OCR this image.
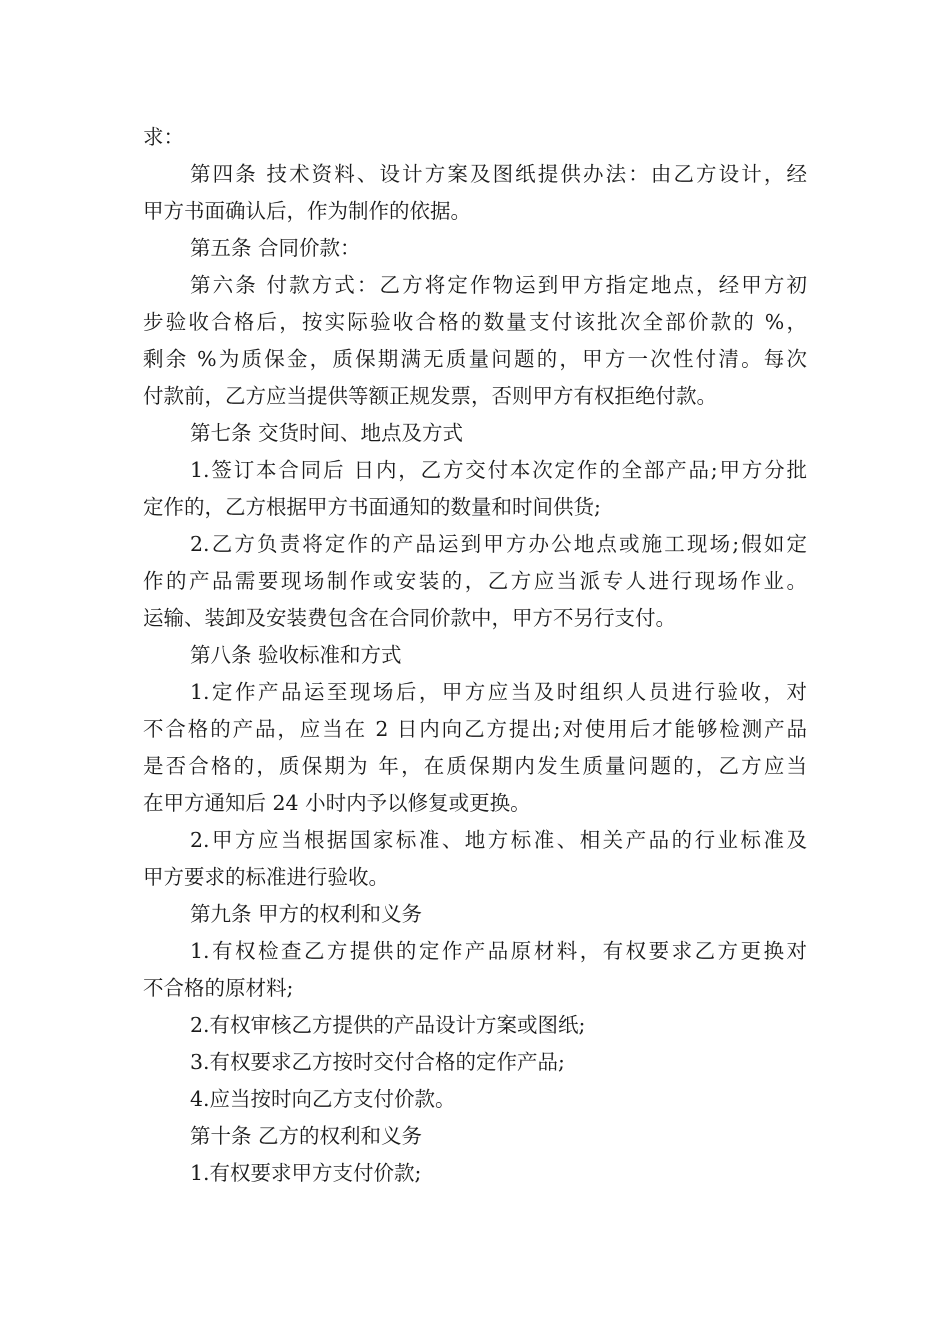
求：
第四条 技术资料、设计方案及图纸提供办法：由乙方设计，经
甲方书面确认后，作为制作的依据。
第五条 合同价款：
第六条 付款方式：乙方将定作物运到甲方指定地点，经甲方初
步验收合格后，按实际验收合格的数量支付该批次全部价款的 %，
剩余 %为质保金，质保期满无质量问题的，甲方一次性付清。每次
付款前，乙方应当提供等额正规发票，否则甲方有权拒绝付款。
第七条 交货时间、地点及方式
1.签订本合同后 日内，乙方交付本次定作的全部产品;甲方分批
定作的，乙方根据甲方书面通知的数量和时间供货;
2.乙方负责将定作的产品运到甲方办公地点或施工现场;假如定
作的产品需要现场制作或安装的，乙方应当派专人进行现场作业。
运输、装卸及安装费包含在合同价款中，甲方不另行支付。
第八条 验收标准和方式
1.定作产品运至现场后，甲方应当及时组织人员进行验收，对
不合格的产品，应当在 2 日内向乙方提出;对使用后才能够检测产品
是否合格的，质保期为 年，在质保期内发生质量问题的，乙方应当
在甲方通知后 24 小时内予以修复或更换。
2.甲方应当根据国家标准、地方标准、相关产品的行业标准及
甲方要求的标准进行验收。
第九条 甲方的权利和义务
1.有权检查乙方提供的定作产品原材料，有权要求乙方更换对
不合格的原材料;
2.有权审核乙方提供的产品设计方案或图纸;
3.有权要求乙方按时交付合格的定作产品;
4.应当按时向乙方支付价款。
第十条 乙方的权利和义务
1.有权要求甲方支付价款;
